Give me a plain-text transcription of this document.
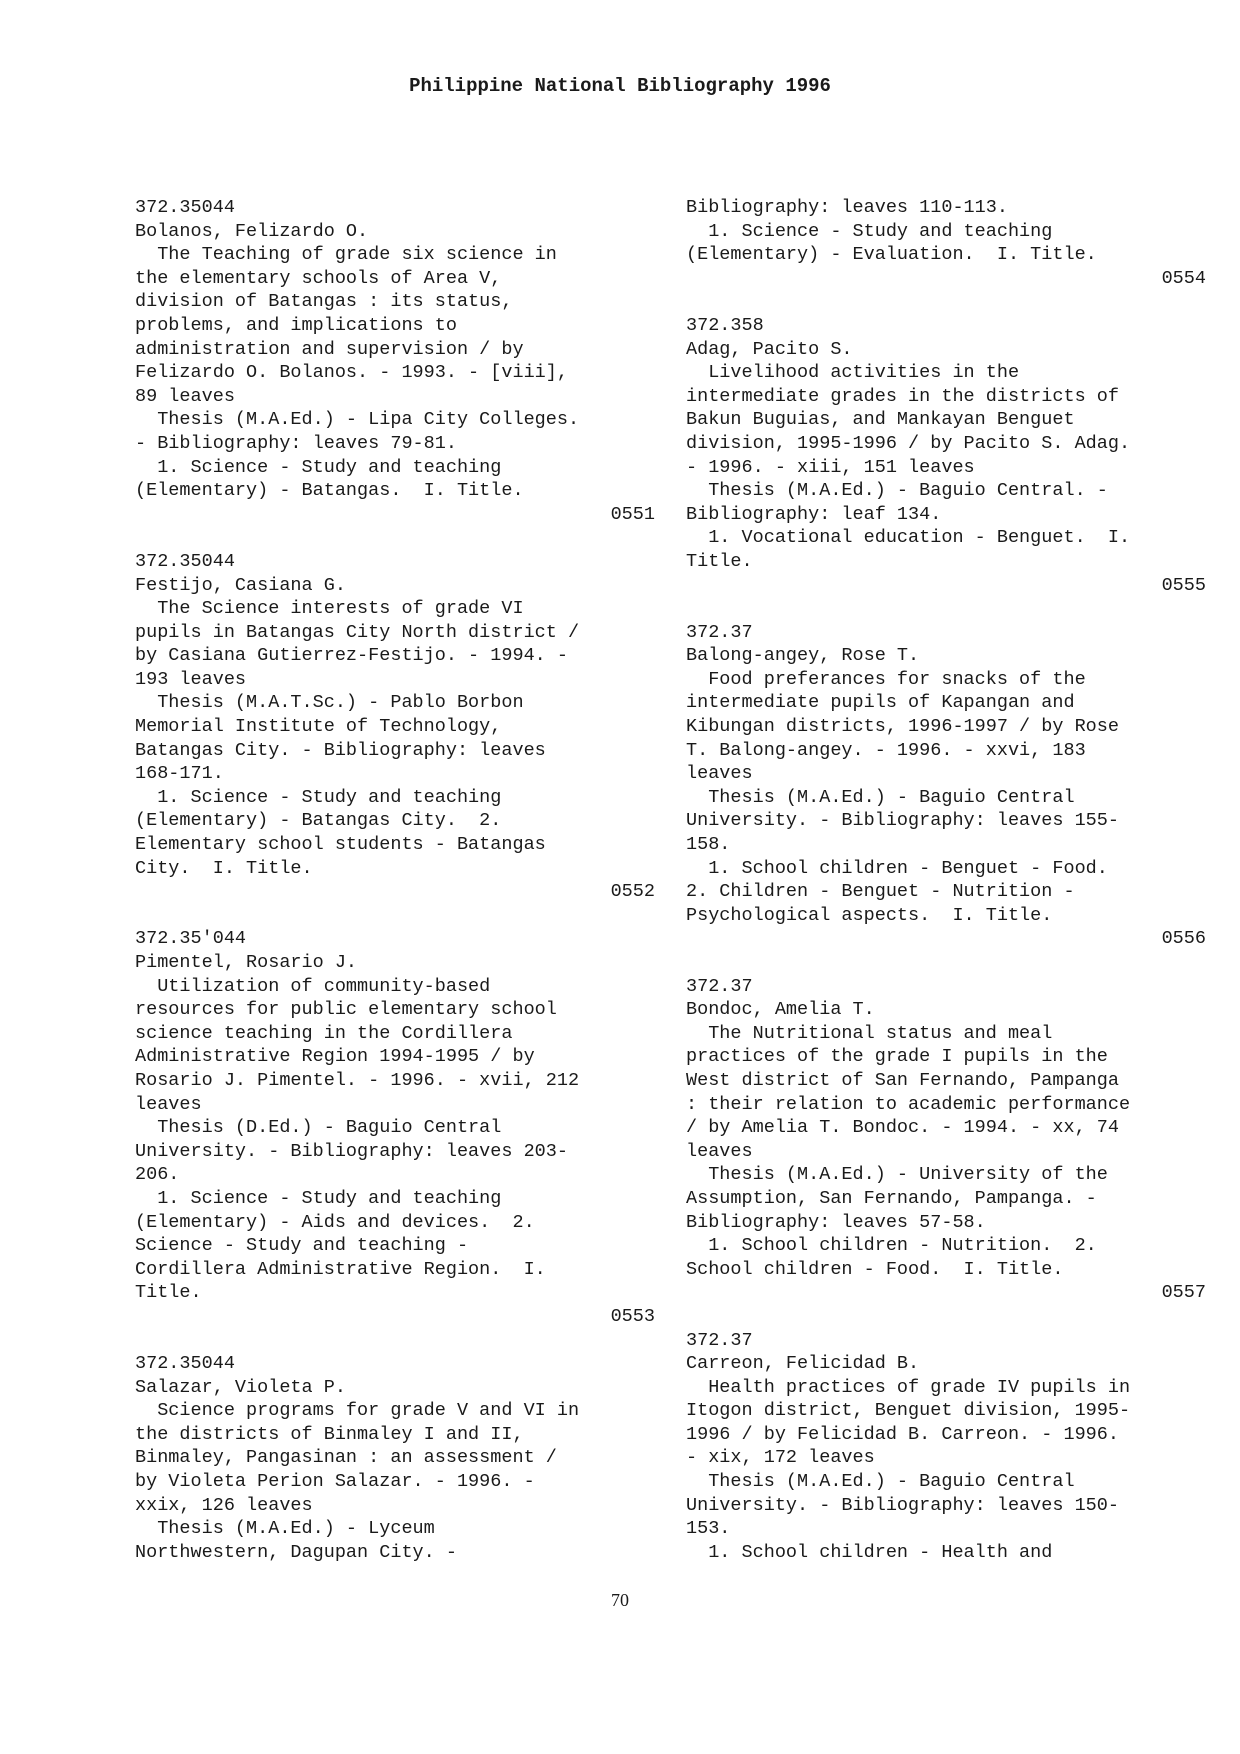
Philippine National Bibliography 1996
372.35044
Bolanos, Felizardo O.
The Teaching of grade six science in
the elementary schools of Area V,
division of Batangas : its status,
problems, and implications to
administration and supervision / by
Felizardo O. Bolanos. - 1993. - [viii],
89 leaves
Thesis (M.A.Ed.) - Lipa City Colleges.
- Bibliography: leaves 79-81.
1. Science - Study and teaching
(Elementary) - Batangas.  I. Title.
0551
372.35044
Festijo, Casiana G.
The Science interests of grade VI
pupils in Batangas City North district /
by Casiana Gutierrez-Festijo. - 1994. -
193 leaves
Thesis (M.A.T.Sc.) - Pablo Borbon
Memorial Institute of Technology,
Batangas City. - Bibliography: leaves
168-171.
1. Science - Study and teaching
(Elementary) - Batangas City.  2.
Elementary school students - Batangas
City.  I. Title.
0552
372.35'044
Pimentel, Rosario J.
Utilization of community-based
resources for public elementary school
science teaching in the Cordillera
Administrative Region 1994-1995 / by
Rosario J. Pimentel. - 1996. - xvii, 212
leaves
Thesis (D.Ed.) - Baguio Central
University. - Bibliography: leaves 203-
206.
1. Science - Study and teaching
(Elementary) - Aids and devices.  2.
Science - Study and teaching -
Cordillera Administrative Region.  I.
Title.
0553
372.35044
Salazar, Violeta P.
Science programs for grade V and VI in
the districts of Binmaley I and II,
Binmaley, Pangasinan : an assessment /
by Violeta Perion Salazar. - 1996. -
xxix, 126 leaves
Thesis (M.A.Ed.) - Lyceum
Northwestern, Dagupan City. -
Bibliography: leaves 110-113.
1. Science - Study and teaching
(Elementary) - Evaluation.  I. Title.
0554
372.358
Adag, Pacito S.
Livelihood activities in the
intermediate grades in the districts of
Bakun Buguias, and Mankayan Benguet
division, 1995-1996 / by Pacito S. Adag.
- 1996. - xiii, 151 leaves
Thesis (M.A.Ed.) - Baguio Central. -
Bibliography: leaf 134.
1. Vocational education - Benguet.  I.
Title.
0555
372.37
Balong-angey, Rose T.
Food preferances for snacks of the
intermediate pupils of Kapangan and
Kibungan districts, 1996-1997 / by Rose
T. Balong-angey. - 1996. - xxvi, 183
leaves
Thesis (M.A.Ed.) - Baguio Central
University. - Bibliography: leaves 155-
158.
1. School children - Benguet - Food.
2. Children - Benguet - Nutrition -
Psychological aspects.  I. Title.
0556
372.37
Bondoc, Amelia T.
The Nutritional status and meal
practices of the grade I pupils in the
West district of San Fernando, Pampanga
: their relation to academic performance
/ by Amelia T. Bondoc. - 1994. - xx, 74
leaves
Thesis (M.A.Ed.) - University of the
Assumption, San Fernando, Pampanga. -
Bibliography: leaves 57-58.
1. School children - Nutrition.  2.
School children - Food.  I. Title.
0557
372.37
Carreon, Felicidad B.
Health practices of grade IV pupils in
Itogon district, Benguet division, 1995-
1996 / by Felicidad B. Carreon. - 1996.
- xix, 172 leaves
Thesis (M.A.Ed.) - Baguio Central
University. - Bibliography: leaves 150-
153.
1. School children - Health and
70
